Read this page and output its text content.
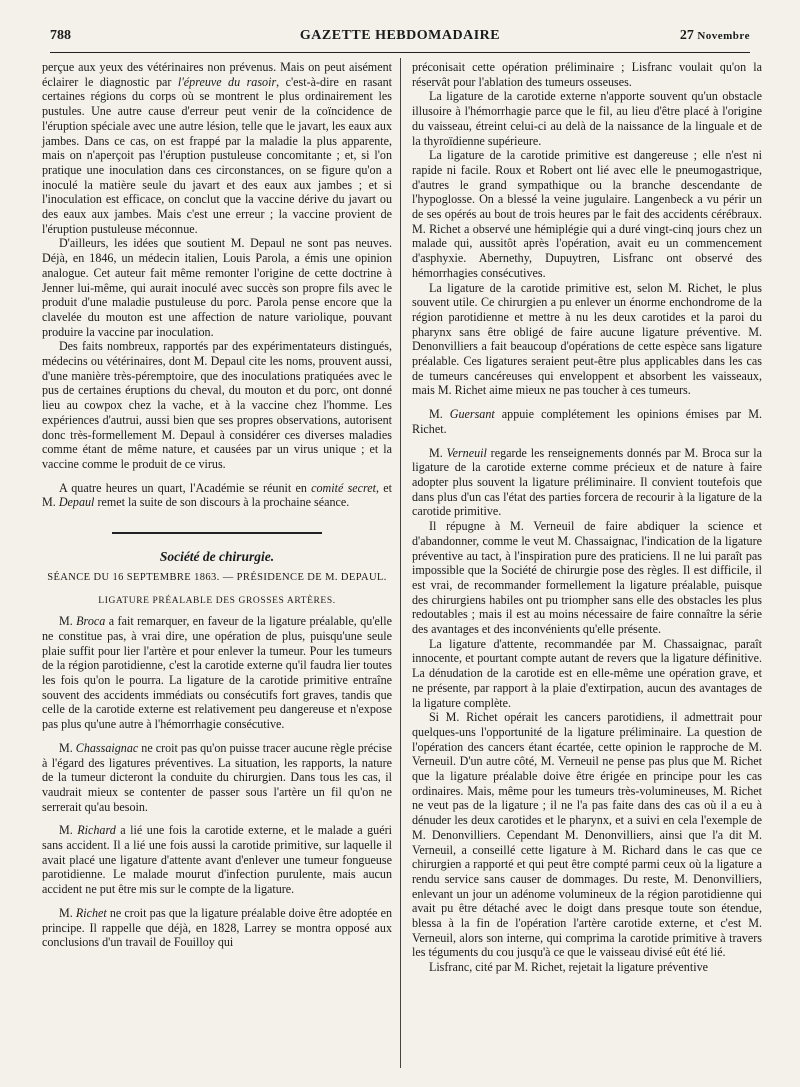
788	GAZETTE HEBDOMADAIRE	27 Novembre

perçue aux yeux des vétérinaires non prévenus. Mais on peut aisément éclairer le diagnostic par l'épreuve du rasoir, c'est-à-dire en rasant certaines régions du corps où se montrent le plus ordinairement les pustules. Une autre cause d'erreur peut venir de la coïncidence de l'éruption spéciale avec une autre lésion, telle que le javart, les eaux aux jambes. Dans ce cas, on est frappé par la maladie la plus apparente, mais on n'aperçoit pas l'éruption pustuleuse concomitante ; et, si l'on pratique une inoculation dans ces circonstances, on se figure qu'on a inoculé la matière seule du javart et des eaux aux jambes ; et si l'inoculation est efficace, on conclut que la vaccine dérive du javart ou des eaux aux jambes. Mais c'est une erreur ; la vaccine provient de l'éruption pustuleuse méconnue.

D'ailleurs, les idées que soutient M. Depaul ne sont pas neuves. Déjà, en 1846, un médecin italien, Louis Parola, a émis une opinion analogue. Cet auteur fait même remonter l'origine de cette doctrine à Jenner lui-même, qui aurait inoculé avec succès son propre fils avec le produit d'une maladie pustuleuse du porc. Parola pense encore que la clavelée du mouton est une affection de nature variolique, pouvant produire la vaccine par inoculation.

Des faits nombreux, rapportés par des expérimentateurs distingués, médecins ou vétérinaires, dont M. Depaul cite les noms, prouvent aussi, d'une manière très-péremptoire, que des inoculations pratiquées avec le pus de certaines éruptions du cheval, du mouton et du porc, ont donné lieu au cowpox chez la vache, et à la vaccine chez l'homme. Les expériences d'autrui, aussi bien que ses propres observations, autorisent donc très-formellement M. Depaul à considérer ces diverses maladies comme étant de même nature, et causées par un virus unique ; et la vaccine comme le produit de ce virus.

A quatre heures un quart, l'Académie se réunit en comité secret, et M. Depaul remet la suite de son discours à la prochaine séance.

Société de chirurgie.

SÉANCE DU 16 SEPTEMBRE 1863. — PRÉSIDENCE DE M. DEPAUL.

LIGATURE PRÉALABLE DES GROSSES ARTÈRES.

M. Broca a fait remarquer, en faveur de la ligature préalable, qu'elle ne constitue pas, à vrai dire, une opération de plus, puisqu'une seule plaie suffit pour lier l'artère et pour enlever la tumeur. Pour les tumeurs de la région parotidienne, c'est la carotide externe qu'il faudra lier toutes les fois qu'on le pourra. La ligature de la carotide primitive entraîne souvent des accidents immédiats ou consécutifs fort graves, tandis que celle de la carotide externe est relativement peu dangereuse et n'expose pas plus qu'une autre à l'hémorrhagie consécutive.

M. Chassaignac ne croit pas qu'on puisse tracer aucune règle précise à l'égard des ligatures préventives. La situation, les rapports, la nature de la tumeur dicteront la conduite du chirurgien. Dans tous les cas, il vaudrait mieux se contenter de passer sous l'artère un fil qu'on ne serrerait qu'au besoin.

M. Richard a lié une fois la carotide externe, et le malade a guéri sans accident. Il a lié une fois aussi la carotide primitive, sur laquelle il avait placé une ligature d'attente avant d'enlever une tumeur fongueuse parotidienne. Le malade mourut d'infection purulente, mais aucun accident ne put être mis sur le compte de la ligature.

M. Richet ne croit pas que la ligature préalable doive être adoptée en principe. Il rappelle que déjà, en 1828, Larrey se montra opposé aux conclusions d'un travail de Fouilloy qui

préconisait cette opération préliminaire ; Lisfranc voulait qu'on la réservât pour l'ablation des tumeurs osseuses.

La ligature de la carotide externe n'apporte souvent qu'un obstacle illusoire à l'hémorrhagie parce que le fil, au lieu d'être placé à l'origine du vaisseau, étreint celui-ci au delà de la naissance de la linguale et de la thyroïdienne supérieure.

La ligature de la carotide primitive est dangereuse ; elle n'est ni rapide ni facile. Roux et Robert ont lié avec elle le pneumogastrique, d'autres le grand sympathique ou la branche descendante de l'hypoglosse. On a blessé la veine jugulaire. Langenbeck a vu périr un de ses opérés au bout de trois heures par le fait des accidents cérébraux. M. Richet a observé une hémiplégie qui a duré vingt-cinq jours chez un malade qui, aussitôt après l'opération, avait eu un commencement d'asphyxie. Abernethy, Dupuytren, Lisfranc ont observé des hémorrhagies consécutives.

La ligature de la carotide primitive est, selon M. Richet, le plus souvent utile. Ce chirurgien a pu enlever un énorme enchondrome de la région parotidienne et mettre à nu les deux carotides et la paroi du pharynx sans être obligé de faire aucune ligature préventive. M. Denonvilliers a fait beaucoup d'opérations de cette espèce sans ligature préalable. Ces ligatures seraient peut-être plus applicables dans les cas de tumeurs cancéreuses qui enveloppent et absorbent les vaisseaux, mais M. Richet aime mieux ne pas toucher à ces tumeurs.

M. Guersant appuie complétement les opinions émises par M. Richet.

M. Verneuil regarde les renseignements donnés par M. Broca sur la ligature de la carotide externe comme précieux et de nature à faire adopter plus souvent la ligature préliminaire. Il convient toutefois que dans plus d'un cas l'état des parties forcera de recourir à la ligature de la carotide primitive.

Il répugne à M. Verneuil de faire abdiquer la science et d'abandonner, comme le veut M. Chassaignac, l'indication de la ligature préventive au tact, à l'inspiration pure des praticiens. Il ne lui paraît pas impossible que la Société de chirurgie pose des règles. Il est difficile, il est vrai, de recommander formellement la ligature préalable, puisque des chirurgiens habiles ont pu triompher sans elle des obstacles les plus redoutables ; mais il est au moins nécessaire de faire connaître la série des avantages et des inconvénients qu'elle présente.

La ligature d'attente, recommandée par M. Chassaignac, paraît innocente, et pourtant compte autant de revers que la ligature définitive. La dénudation de la carotide est en elle-même une opération grave, et ne présente, par rapport à la plaie d'extirpation, aucun des avantages de la ligature complète.

Si M. Richet opérait les cancers parotidiens, il admettrait pour quelques-uns l'opportunité de la ligature préliminaire. La question de l'opération des cancers étant écartée, cette opinion le rapproche de M. Verneuil. D'un autre côté, M. Verneuil ne pense pas plus que M. Richet que la ligature préalable doive être érigée en principe pour les cas ordinaires. Mais, même pour les tumeurs très-volumineuses, M. Richet ne veut pas de la ligature ; il ne l'a pas faite dans des cas où il a eu à dénuder les deux carotides et le pharynx, et a suivi en cela l'exemple de M. Denonvilliers. Cependant M. Denonvilliers, ainsi que l'a dit M. Verneuil, a conseillé cette ligature à M. Richard dans le cas que ce chirurgien a rapporté et qui peut être compté parmi ceux où la ligature a rendu service sans causer de dommages. Du reste, M. Denonvilliers, enlevant un jour un adénome volumineux de la région parotidienne qui avait pu être détaché avec le doigt dans presque toute son étendue, blessa à la fin de l'opération l'artère carotide externe, et c'est M. Verneuil, alors son interne, qui comprima la carotide primitive à travers les téguments du cou jusqu'à ce que le vaisseau divisé eût été lié.

Lisfranc, cité par M. Richet, rejetait la ligature préventive
